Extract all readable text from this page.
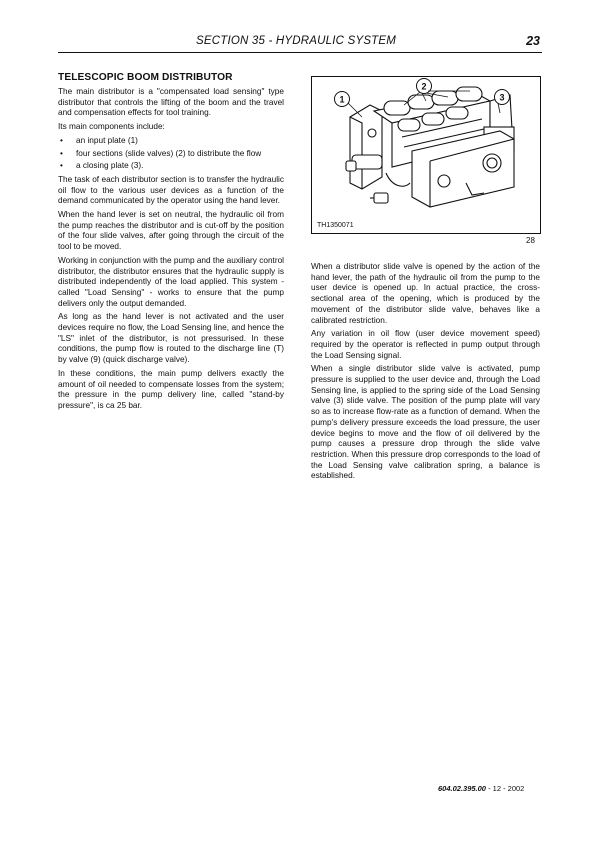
SECTION 35 - HYDRAULIC SYSTEM	23
TELESCOPIC BOOM DISTRIBUTOR

The main distributor is a "compensated load sensing" type distributor that controls the lifting of the boom and the travel and compensation effects for tool training.

Its main components include:

• an input plate (1)
• four sections (slide valves) (2) to distribute the flow
• a closing plate (3).

The task of each distributor section is to transfer the hydraulic oil flow to the various user devices as a function of the demand communicated by the operator using the hand lever.

When the hand lever is set on neutral, the hydraulic oil from the pump reaches the distributor and is cut-off by the position of the four slide valves, after going through the circuit of the tool to be moved.

Working in conjunction with the pump and the auxiliary control distributor, the distributor ensures that the hydraulic supply is distributed independently of the load applied. This system - called "Load Sensing" - works to ensure that the pump delivers only the output demanded.

As long as the hand lever is not activated and the user devices require no flow, the Load Sensing line, and hence the "LS" inlet of the distributor, is not pressurised. In these conditions, the pump flow is routed to the discharge line (T) by valve (9) (quick discharge valve).

In these conditions, the main pump delivers exactly the amount of oil needed to compensate losses from the system; the pressure in the pump delivery line, called "stand-by pressure", is ca 25 bar.

1
2
3
TH1350071
28

When a distributor slide valve is opened by the action of the hand lever, the path of the hydraulic oil from the pump to the user device is opened up. In actual practice, the cross-sectional area of the opening, which is produced by the movement of the distributor slide valve, behaves like a calibrated restriction.

Any variation in oil flow (user device movement speed) required by the operator is reflected in pump output through the Load Sensing signal.

When a single distributor slide valve is activated, pump pressure is supplied to the user device and, through the Load Sensing line, is applied to the spring side of the Load Sensing valve (3) slide valve. The position of the pump plate will vary so as to increase flow-rate as a function of demand. When the pump's delivery pressure exceeds the load pressure, the user device begins to move and the flow of oil delivered by the pump causes a pressure drop through the slide valve restriction. When this pressure drop corresponds to the load of the Load Sensing valve calibration spring, a balance is established.

604.02.395.00 - 12 - 2002
